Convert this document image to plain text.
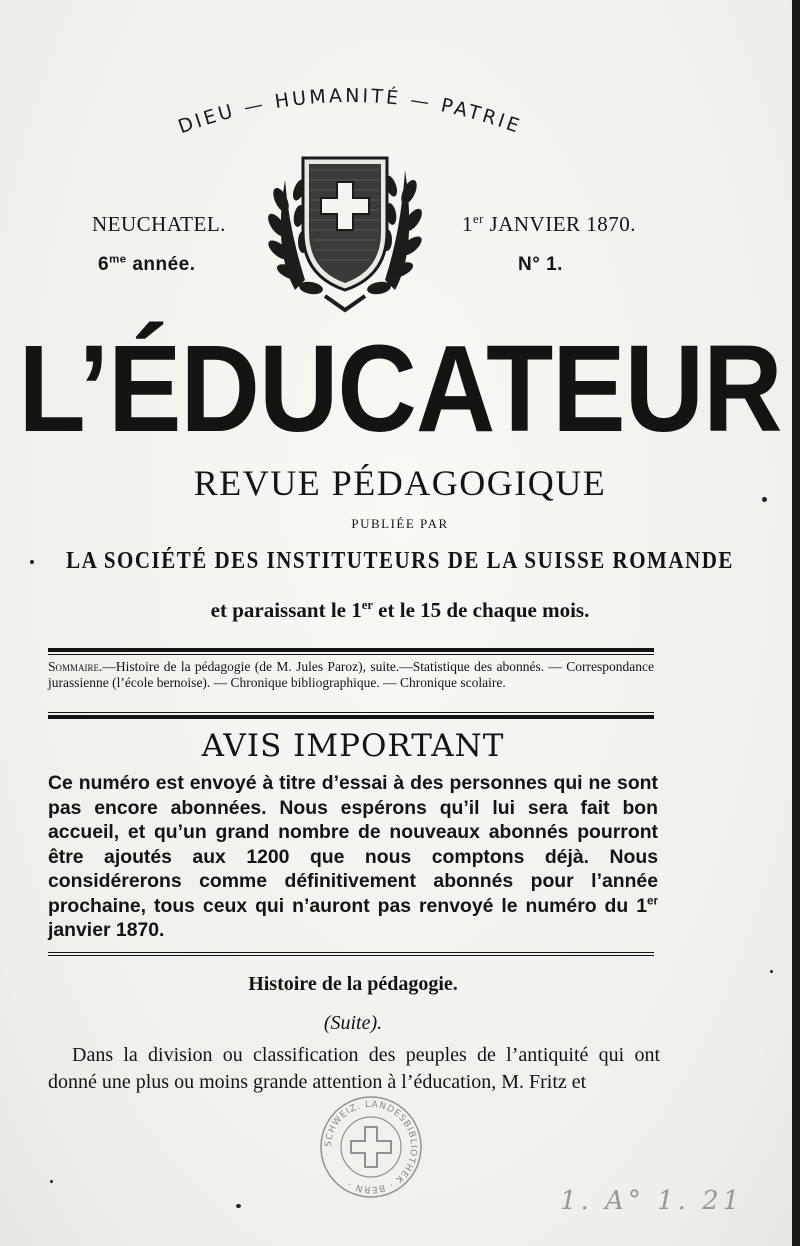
DIEU — HUMANITÉ — PATRIE
NEUCHATEL.
$6^{me}$ année.
1er JANVIER 1870.
N° 1.
L’ÉDUCATEUR
REVUE PÉDAGOGIQUE
PUBLIÉE PAR
LA SOCIÉTÉ DES INSTITUTEURS DE LA SUISSE ROMANDE
et paraissant le 1er et le 15 de chaque mois.
Sommaire.—Histoire de la pédagogie (de M. Jules Paroz), suite.—Statistique des abonnés. — Correspondance jurassienne (l’école bernoise). — Chronique bibliographique. — Chronique scolaire.
AVIS IMPORTANT
Ce numéro est envoyé à titre d’essai à des personnes qui ne sont pas encore abonnées. Nous espérons qu’il lui sera fait bon accueil, et qu’un grand nombre de nouveaux abonnés pourront être ajoutés aux 1200 que nous comptons déjà. Nous considérerons comme définitivement abonnés pour l’année prochaine, tous ceux qui n’auront pas renvoyé le numéro du 1er janvier 1870.
Histoire de la pédagogie.
(Suite).
Dans la division ou classification des peuples de l’antiquité qui ont donné une plus ou moins grande attention à l’éducation, M. Fritz et
SCHWEIZ. LANDESBIBLIOTHEK · BERN ·
1. A° 1. 21
